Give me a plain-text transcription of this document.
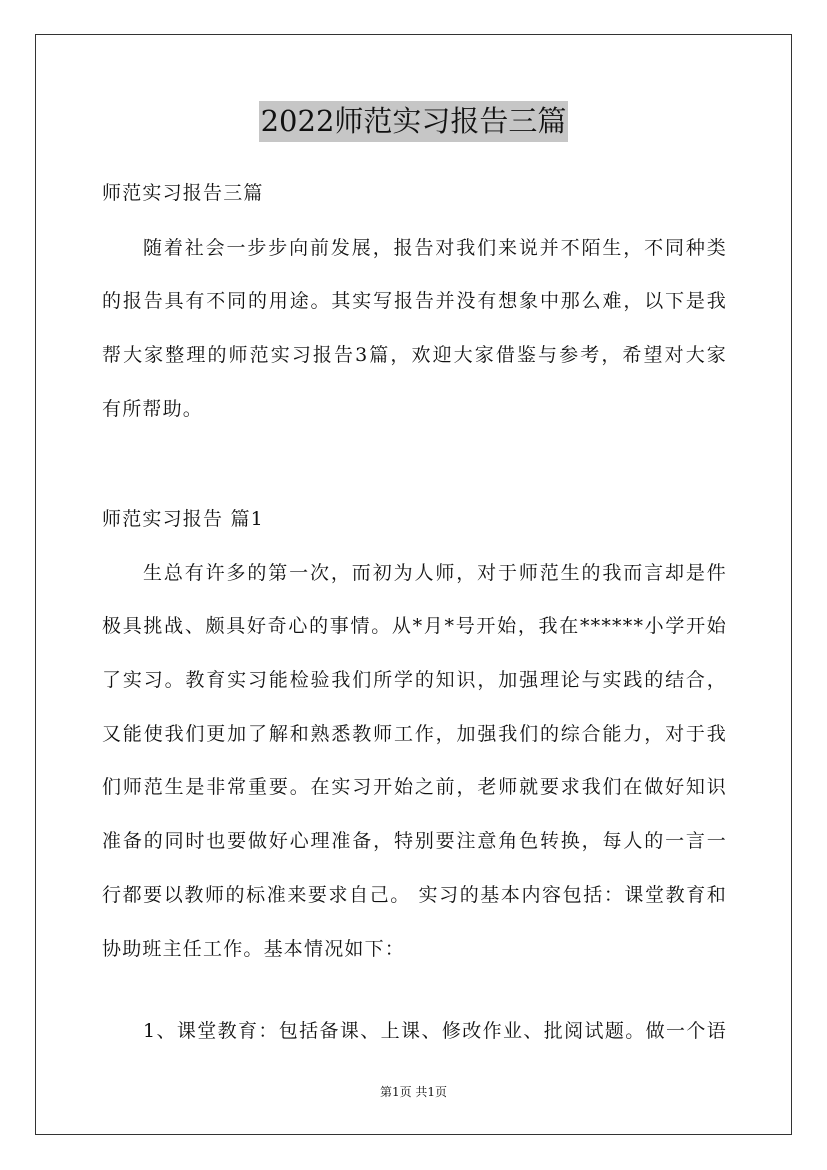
2022师范实习报告三篇
师范实习报告三篇
随着社会一步步向前发展，报告对我们来说并不陌生，不同种类
的报告具有不同的用途。其实写报告并没有想象中那么难，以下是我
帮大家整理的师范实习报告3篇，欢迎大家借鉴与参考，希望对大家
有所帮助。
师范实习报告 篇1
生总有许多的第一次，而初为人师，对于师范生的我而言却是件
极具挑战、颇具好奇心的事情。从*月*号开始，我在******小学开始
了实习。教育实习能检验我们所学的知识，加强理论与实践的结合，
又能使我们更加了解和熟悉教师工作，加强我们的综合能力，对于我
们师范生是非常重要。在实习开始之前，老师就要求我们在做好知识
准备的同时也要做好心理准备，特别要注意角色转换，每人的一言一
行都要以教师的标准来要求自己。 实习的基本内容包括：课堂教育和
协助班主任工作。基本情况如下：
1、课堂教育：包括备课、上课、修改作业、批阅试题。做一个语
第1页 共1页
